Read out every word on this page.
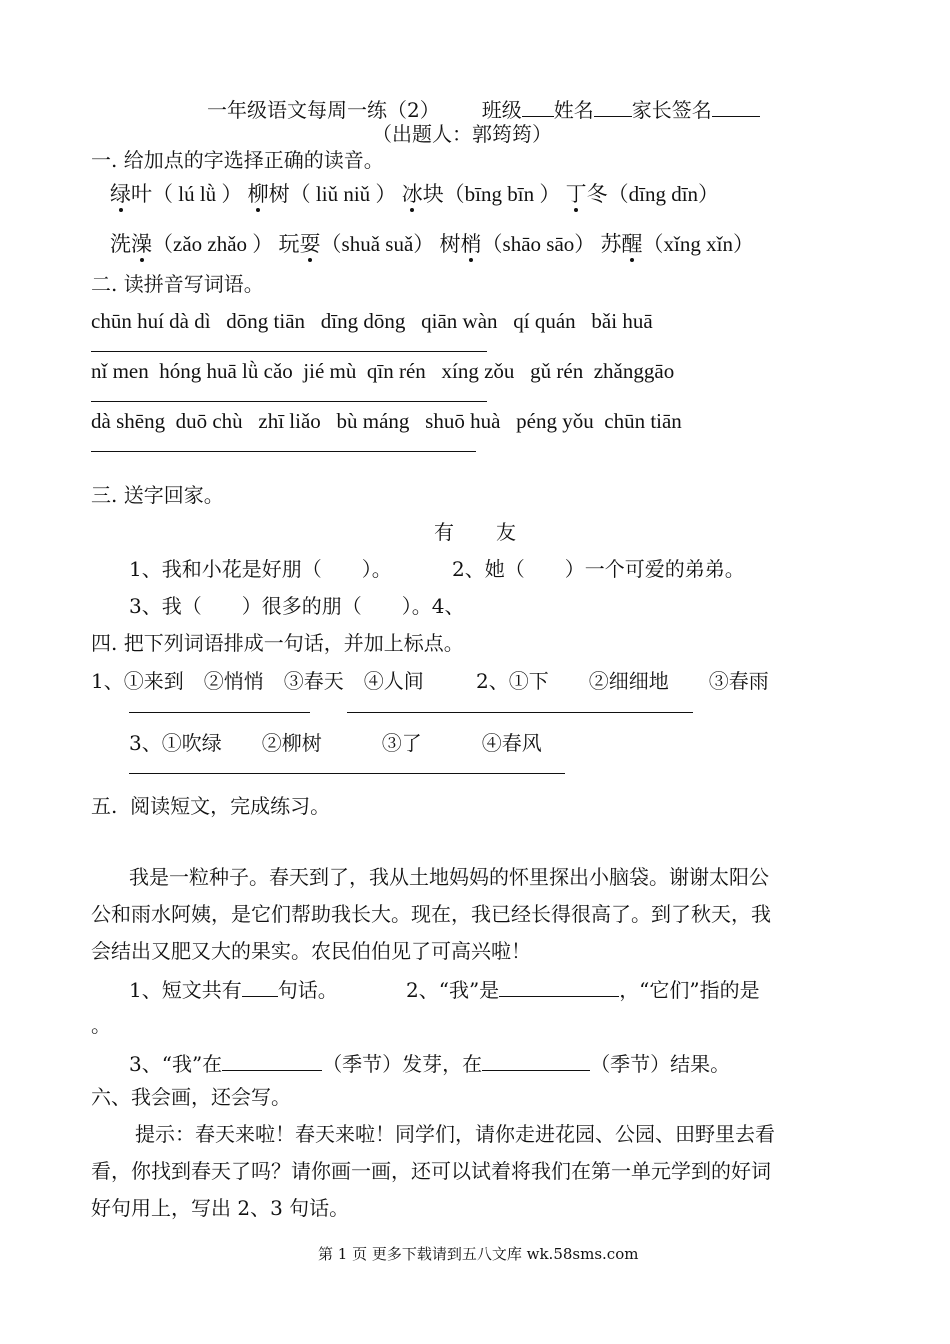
一年级语文每周一练（2） 班级 姓名 家长签名
（出题人：郭筠筠）
一. 给加点的字选择正确的读音。
绿叶（ lú lǜ ） 柳树（ liǔ niǔ ） 冰块（bīng bīn ） 丁冬（dīng dīn）
洗澡（zǎo zhǎo ） 玩耍（shuǎ suǎ） 树梢（shāo sāo） 苏醒（xǐng xǐn）
二. 读拼音写词语。
chūn huí dà dì   dōng tiān   dīng dōng   qiān wàn   qí quán   bǎi huā
nǐ men  hóng huā lǜ cǎo  jié mù  qīn rén   xíng zǒu   gǔ rén  zhǎnggāo
dà shēng  duō chù   zhī liǎo   bù máng   shuō huà   péng yǒu  chūn tiān
三. 送字回家。
有 友
1、我和小花是好朋（　　）。	2、她（　　）一个可爱的弟弟。
3、我（　　）很多的朋（　　）。4、
四. 把下列词语排成一句话，并加上标点。
1、①来到　②悄悄　③春天　④人间	2、①下　　②细细地　　③春雨
3、①吹绿　　②柳树　　　③了　　　④春风
五.  阅读短文，完成练习。
我是一粒种子。春天到了，我从土地妈妈的怀里探出小脑袋。谢谢太阳公
公和雨水阿姨，是它们帮助我长大。现在，我已经长得很高了。到了秋天，我
会结出又肥又大的果实。农民伯伯见了可高兴啦！
1、短文共有 句话。	2、“我”是	，“它们”指的是
。
3、“我”在	（季节）发芽，在	（季节）结果。
六、我会画，还会写。
提示：春天来啦！春天来啦！同学们，请你走进花园、公园、田野里去看
看，你找到春天了吗？请你画一画，还可以试着将我们在第一单元学到的好词
好句用上，写出 2、3 句话。
第 1 页 更多下载请到五八文库 wk.58sms.com
